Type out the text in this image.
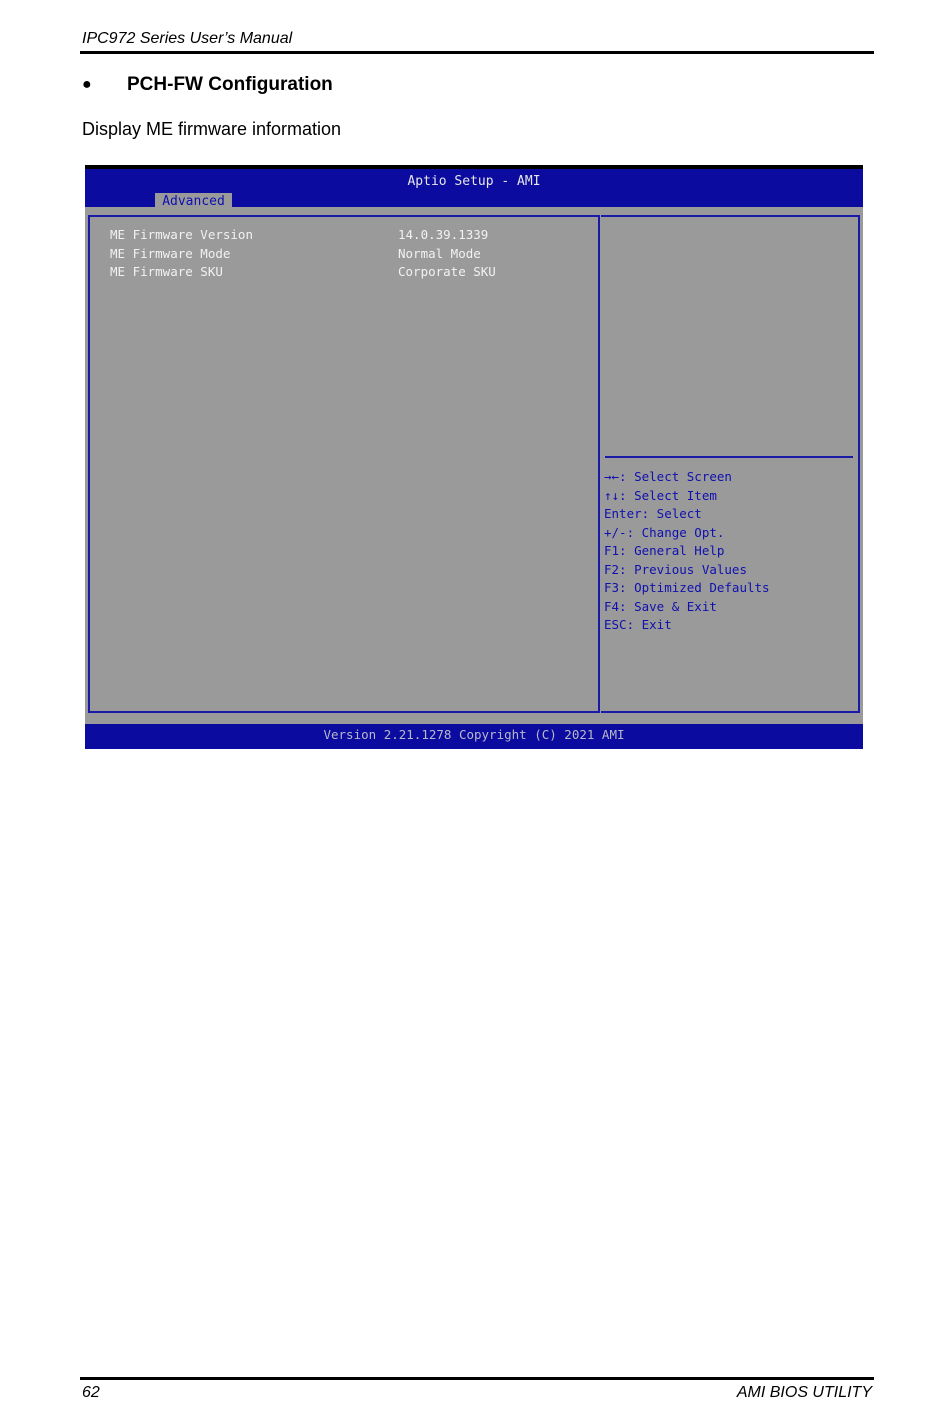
IPC972 Series User’s Manual
● PCH-FW Configuration
Display ME firmware information
Aptio Setup - AMI
Advanced
ME Firmware Version	14.0.39.1339
ME Firmware Mode	Normal Mode
ME Firmware SKU	Corporate SKU
→←: Select Screen
↑↓: Select Item
Enter: Select
+/-: Change Opt.
F1: General Help
F2: Previous Values
F3: Optimized Defaults
F4: Save & Exit
ESC: Exit
Version 2.21.1278 Copyright (C) 2021 AMI
62	AMI BIOS UTILITY
